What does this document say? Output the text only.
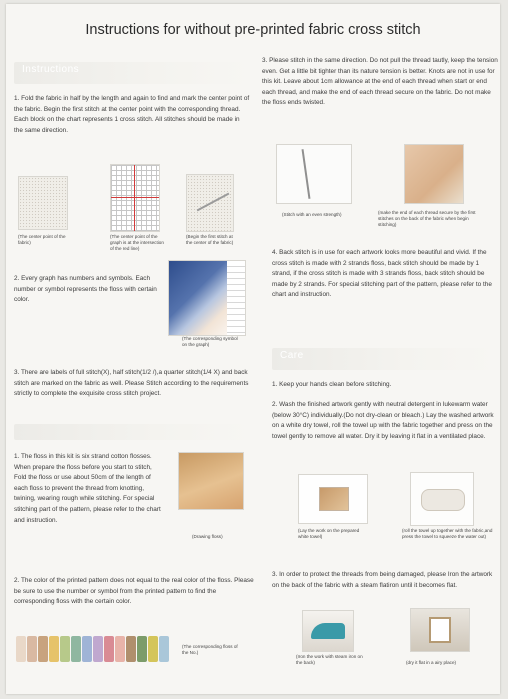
Instructions for without pre-printed fabric cross stitch
Instructions

1. Fold the fabric in half by the length and again to find and mark the center point of the fabric. Begin the first stitch at the center point with the corresponding thread. Each block on the chart represents 1 cross stitch. All stitches should be made in the same direction.

(The center point of the fabric)
(The center point of the graph is at the intersection of the red line)
(Begin the first stitch at the center of the fabric)

2. Every graph has numbers and symbols. Each number or symbol represents the floss with certain color.

(The corresponding symbol on the graph)

3. There are labels of full stitch(X), half stitch(1/2 /),a quarter stitch(1/4 X) and back stitch are marked on the fabric as well. Please Stitch according to the requirements strictly to complete the exquisite cross stitch project.

1. The floss in this kit is six strand cotton flosses. When prepare the floss before you start to stitch, Fold the floss or use about 50cm of the length of each floss to prevent the thread from knotting, twining, wearing rough while stitching. For special stitching part of the pattern, please refer to the chart and instruction.

(Drawing floss)

2. The color of the printed pattern does not equal to the real color of the floss. Please be sure to use the number or symbol from the printed pattern to find the corresponding floss with the certain color.

(The corresponding floss of the No.)

3. Please stitch in the same direction. Do not pull the thread tautly, keep the tension even. Get a little bit tighter than its nature tension is better. Knots are not in use for this kit. Leave about 1cm allowance at the end of each thread when start or end each thread, and make the end of each thread secure on the fabric. Do not make the floss ends twisted.

(Stitch with an even strength)	(make the end of each thread secure by the first stitches on the back of the fabric when begin stitching)

4. Back stitch is in use for each artwork looks more beautiful and vivid. If the cross stitch is made with 2 strands floss, back stitch should be made by 1 strand, if the cross stitch is made with 3 strands floss, back stitch should be made by 2 strands. For special stitching part of the pattern, please refer to the chart and instruction.

Care

1. Keep your hands clean before stitching.

2. Wash the finished artwork gently with neutral detergent in lukewarm water (below 30°C) individually.(Do not dry-clean or bleach.) Lay the washed artwork on a white dry towel, roll the towel up with the fabric together and press on the towel gently to remove all water. Dry it by leaving it flat in a ventilated place.

(Lay the work on the prepared white towel)
(roll the towel up together with the fabric,and press the towel to squeeze the water out)

3. In order to protect the threads from being damaged, please Iron the artwork on the back of the fabric with a steam flatiron until it becomes flat.

(Iron the work with steam iron on the back)	(dry it flat in a airy place)
